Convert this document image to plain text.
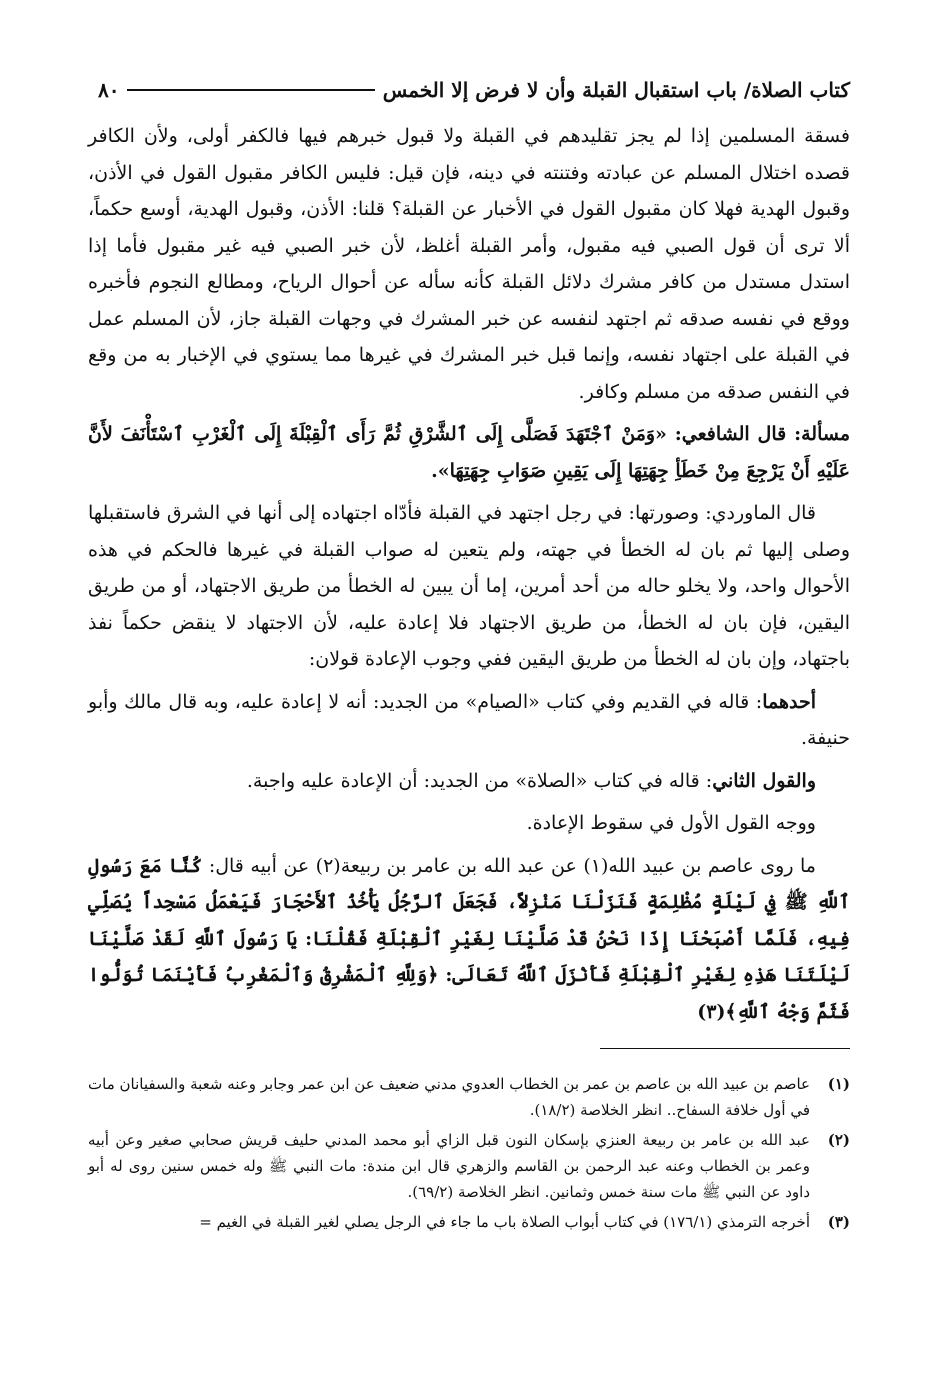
كتاب الصلاة/ باب استقبال القبلة وأن لا فرض إلا الخمس
٨٠

فسقة المسلمين إذا لم يجز تقليدهم في القبلة ولا قبول خبرهم فيها فالكفر أولى، ولأن الكافر قصده اختلال المسلم عن عبادته وفتنته في دينه، فإن قيل: فليس الكافر مقبول القول في الأذن، وقبول الهدية فهلا كان مقبول القول في الأخبار عن القبلة؟ قلنا: الأذن، وقبول الهدية، أوسع حكماً، ألا ترى أن قول الصبي فيه مقبول، وأمر القبلة أغلظ، لأن خبر الصبي فيه غير مقبول فأما إذا استدل مستدل من كافر مشرك دلائل القبلة كأنه سأله عن أحوال الرياح، ومطالع النجوم فأخبره ووقع في نفسه صدقه ثم اجتهد لنفسه عن خبر المشرك في وجهات القبلة جاز، لأن المسلم عمل في القبلة على اجتهاد نفسه، وإنما قبل خبر المشرك في غيرها مما يستوي في الإخبار به من وقع في النفس صدقه من مسلم وكافر.

مسألة: قال الشافعي: «وَمَنْ ٱجْتَهَدَ فَصَلَّى إِلَى ٱلشَّرْقِ ثُمَّ رَأَى ٱلْقِبْلَةَ إِلَى ٱلْغَرْبِ ٱسْتَأْنَفَ لأَنَّ عَلَيْهِ أَنْ يَرْجِعَ مِنْ خَطَأِ جِهَتِهَا إِلَى يَقِينِ صَوَابِ جِهَتِهَا».

قال الماوردي: وصورتها: في رجل اجتهد في القبلة فأدّاه اجتهاده إلى أنها في الشرق فاستقبلها وصلى إليها ثم بان له الخطأ في جهته، ولم يتعين له صواب القبلة في غيرها فالحكم في هذه الأحوال واحد، ولا يخلو حاله من أحد أمرين، إما أن يبين له الخطأ من طريق الاجتهاد، أو من طريق اليقين، فإن بان له الخطأ، من طريق الاجتهاد فلا إعادة عليه، لأن الاجتهاد لا ينقض حكماً نفذ باجتهاد، وإن بان له الخطأ من طريق اليقين ففي وجوب الإعادة قولان:

أحدهما: قاله في القديم وفي كتاب «الصيام» من الجديد: أنه لا إعادة عليه، وبه قال مالك وأبو حنيفة.

والقول الثاني: قاله في كتاب «الصلاة» من الجديد: أن الإعادة عليه واجبة.

ووجه القول الأول في سقوط الإعادة.

ما روى عاصم بن عبيد الله(١) عن عبد الله بن عامر بن ربيعة(٢) عن أبيه قال: كُنَّا مَعَ رَسُولِ ٱللَّهِ ﷺ فِي لَيْلَةٍ مُظْلِمَةٍ فَنَزَلْنَا مَنْزِلاً، فَجَعَلَ ٱلرَّجُلُ يَأْخُذُ ٱلأَحْجَارَ فَيَعْمَلُ مَسْجِداً يُصَلِّي فِيهِ، فَلَمَّا أَصْبَحْنَا إِذَا نَحْنُ قَدْ صَلَّيْنَا لِغَيْرِ ٱلْقِبْلَةِ فَقُلْنَا: يَا رَسُولَ ٱللَّهِ لَقَدْ صَلَّيْنَا لَيْلَتَنَا هَذِهِ لِغَيْرِ ٱلْقِبْلَةِ فَأَنْزَلَ ٱللَّهُ تَعَالَى: ﴿وَلِلَّهِ ٱلْمَشْرِقُ وَٱلْمَغْرِبُ فَأَيْنَمَا تُوَلُّوا فَثَمَّ وَجْهُ ٱللَّهِ﴾(٣)

(١)
عاصم بن عبيد الله بن عاصم بن عمر بن الخطاب العدوي مدني ضعيف عن ابن عمر وجابر وعنه شعبة والسفيانان مات في أول خلافة السفاح.. انظر الخلاصة (١٨/٢).
(٢)
عبد الله بن عامر بن ربيعة العنزي بإسكان النون قبل الزاي أبو محمد المدني حليف قريش صحابي صغير وعن أبيه وعمر بن الخطاب وعنه عبد الرحمن بن القاسم والزهري قال ابن مندة: مات النبي ﷺ وله خمس سنين روى له أبو داود عن النبي ﷺ مات سنة خمس وثمانين. انظر الخلاصة (٦٩/٢).
(٣)
أخرجه الترمذي (١٧٦/١) في كتاب أبواب الصلاة باب ما جاء في الرجل يصلي لغير القبلة في الغيم =
